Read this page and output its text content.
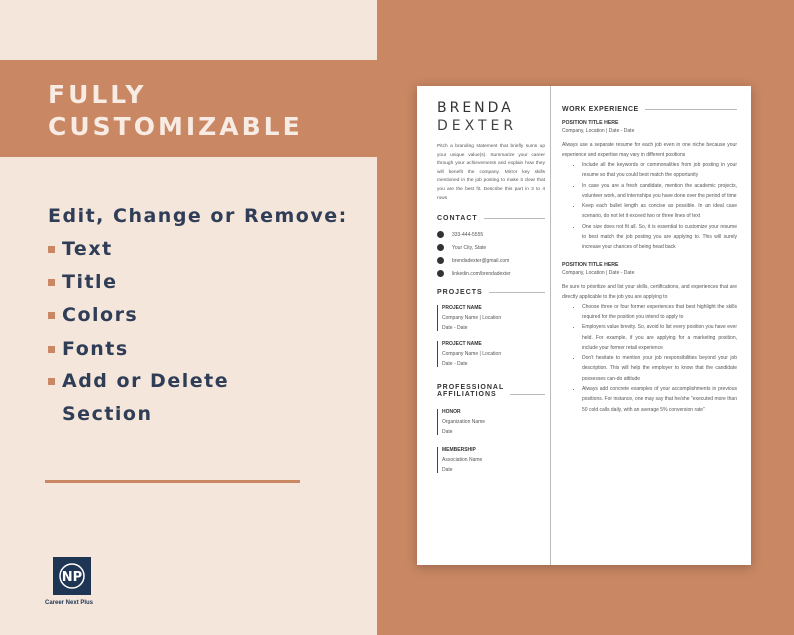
FULLY
CUSTOMIZABLE
Edit, Change or Remove:
Text
Title
Colors
Fonts
Add or Delete
Section
NP
Career Next Plus
BRENDA
DEXTER
Pitch a branding statement that briefly sums up your unique value(s). Summarize your career through your achievements and explain how they will benefit the company. Mirror key skills mentioned in the job posting to make it clear that you are the best fit. Describe this part in 3 to 4 rows
CONTACT
333-444-5555
Your City, State
brendadexter@gmail.com
linkedin.com/brendadexter
PROJECTS
PROJECT NAME
Company Name | Location
Date - Date
PROJECT NAME
Company Name | Location
Date - Date
PROFESSIONAL
AFFILIATIONS
HONOR
Organization Name
Date
MEMBERSHIP
Association Name
Date
WORK EXPERIENCE
POSITION TITLE HERE
Company, Location | Date - Date
Always use a separate resume for each job even in one niche because your experience and expertise may vary in different positions
• Include all the keywords or commonalities from job posting in your resume so that you could best match the opportunity
• In case you are a fresh candidate, mention the academic projects, volunteer work, and internships you have done over the period of time
• Keep each bullet length as concise as possible. In an ideal case scenario, do not let it exceed two or three lines of text
• One size does not fit all. So, it is essential to customize your resume to best match the job posting you are applying to. This will surely increase your chances of being head back
POSITION TITLE HERE
Company, Location | Date - Date
Be sure to prioritize and list your skills, certifications, and experiences that are directly applicable to the job you are applying to
• Choose three or four former experiences that best highlight the skills required for the position you intend to apply to
• Employers value brevity. So, avoid to list every position you have ever held. For example, if you are applying for a marketing position, include your former retail experience
• Don't hesitate to mention your job responsibilities beyond your job description. This will help the employer to know that the candidate possesses can-do attitude
• Always add concrete examples of your accomplishments in previous positions. For instance, one may say that he/she "executed more than 50 cold calls daily, with an average 5% conversion rate"
